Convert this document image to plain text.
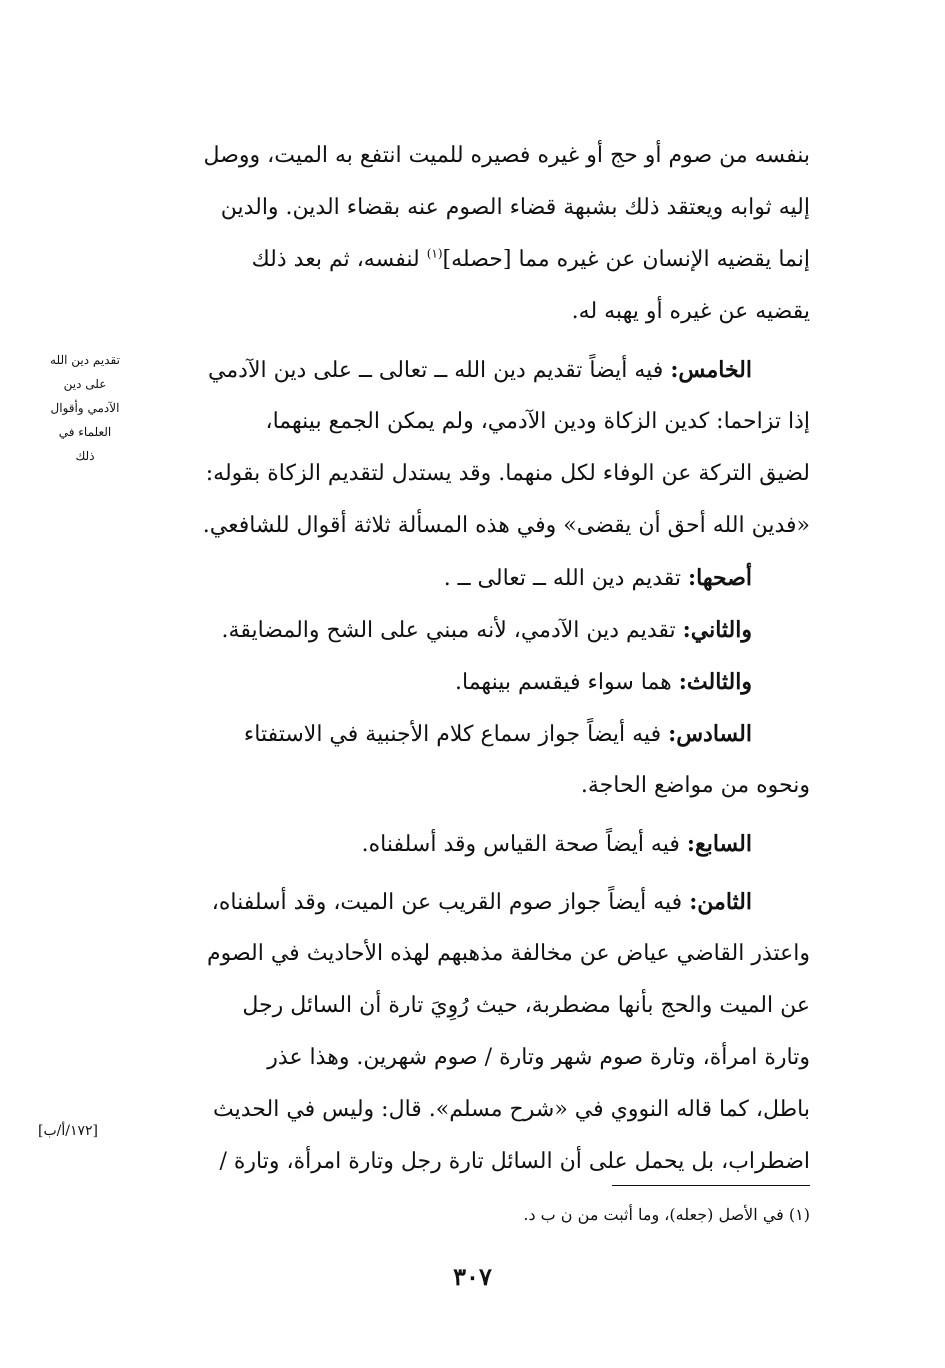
بنفسه من صوم أو حج أو غيره فصيره للميت انتفع به الميت، ووصل
إليه ثوابه ويعتقد ذلك بشبهة قضاء الصوم عنه بقضاء الدين. والدين
إنما يقضيه الإنسان عن غيره مما [حصله]$^{(١)}$ لنفسه، ثم بعد ذلك
يقضيه عن غيره أو يهبه له.
الخامس: فيه أيضاً تقديم دين الله ــ تعالى ــ على دين الآدمي
إذا تزاحما: كدين الزكاة ودين الآدمي، ولم يمكن الجمع بينهما،
لضيق التركة عن الوفاء لكل منهما. وقد يستدل لتقديم الزكاة بقوله:
«فدين الله أحق أن يقضى» وفي هذه المسألة ثلاثة أقوال للشافعي.
أصحها: تقديم دين الله ــ تعالى ــ .
والثاني: تقديم دين الآدمي، لأنه مبني على الشح والمضايقة.
والثالث: هما سواء فيقسم بينهما.
السادس: فيه أيضاً جواز سماع كلام الأجنبية في الاستفتاء
ونحوه من مواضع الحاجة.
السابع: فيه أيضاً صحة القياس وقد أسلفناه.
الثامن: فيه أيضاً جواز صوم القريب عن الميت، وقد أسلفناه،
واعتذر القاضي عياض عن مخالفة مذهبهم لهذه الأحاديث في الصوم
عن الميت والحج بأنها مضطربة، حيث رُوِيَ تارة أن السائل رجل
وتارة امرأة، وتارة صوم شهر وتارة / صوم شهرين. وهذا عذر
باطل، كما قاله النووي في «شرح مسلم». قال: وليس في الحديث
اضطراب، بل يحمل على أن السائل تارة رجل وتارة امرأة، وتارة /
تقديم دين الله
على دين
الآدمي وأقوال
العلماء في
ذلك
[١٧٢/أ/ب]
(١) في الأصل (جعله)، وما أثبت من ن ب د.
٣٠٧
